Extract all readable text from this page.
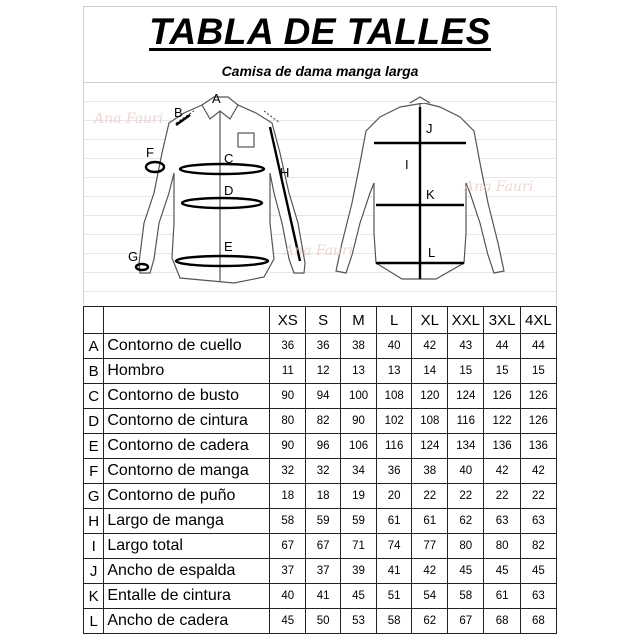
TABLA DE TALLES
Camisa de dama manga larga
A
B
C
D
E
F
G
H
I
J
K
L
Ana Fauri
Ana Fauri
Ana Fauri
		XS	S	M	L	XL	XXL	3XL	4XL
A	Contorno de cuello	36	36	38	40	42	43	44	44
B	Hombro	11	12	13	13	14	15	15	15
C	Contorno de busto	90	94	100	108	120	124	126	126
D	Contorno de cintura	80	82	90	102	108	116	122	126
E	Contorno de cadera	90	96	106	116	124	134	136	136
F	Contorno de manga	32	32	34	36	38	40	42	42
G	Contorno de puño	18	18	19	20	22	22	22	22
H	Largo de manga	58	59	59	61	61	62	63	63
I	Largo total	67	67	71	74	77	80	80	82
J	Ancho de espalda	37	37	39	41	42	45	45	45
K	Entalle de cintura	40	41	45	51	54	58	61	63
L	Ancho de cadera	45	50	53	58	62	67	68	68
